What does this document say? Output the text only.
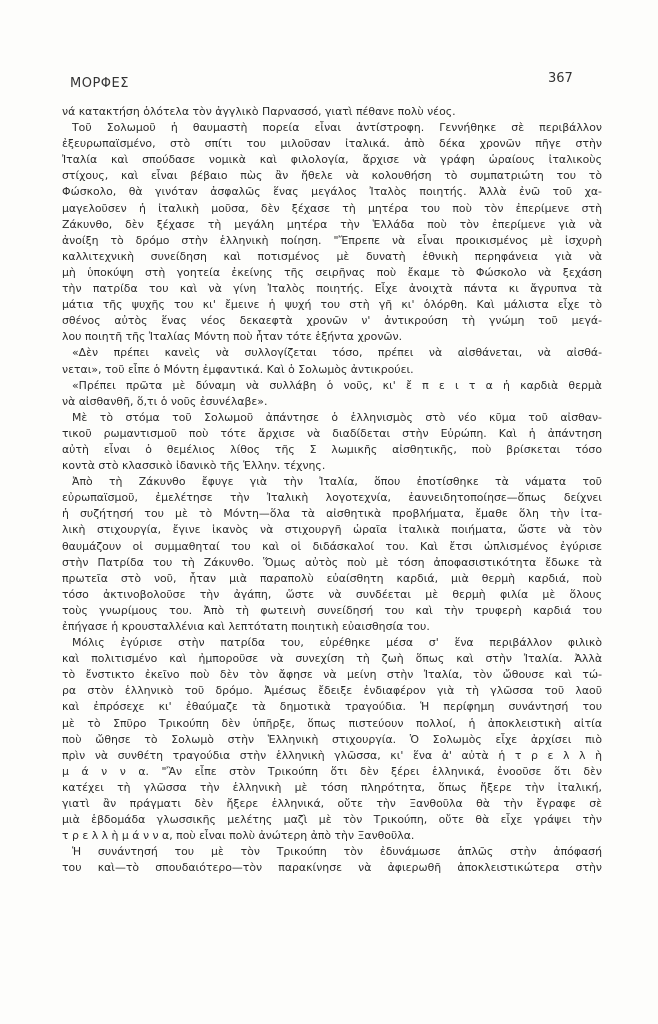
ΜΟΡΦΕΣ	367
νά κατακτήση ὁλότελα τὸν ἀγγλικὸ Παρνασσό, γιατὶ πέθανε πολὺ νέος.
Τοῦ Σολωμοῦ ἡ θαυμαστὴ πορεία εἶναι ἀντίστροφη. Γεννήθηκε σὲ περιβάλλον
ἐξευρωπαϊσμένο, στὸ σπίτι του μιλοῦσαν ἰταλικά. ἀπὸ δέκα χρονῶν πῆγε στὴν
Ἰταλία καὶ σπούδασε νομικὰ καὶ φιλολογία, ἄρχισε νὰ γράφη ὡραίους ἰταλικοὺς
στίχους, καὶ εἶναι βέβαιο πὼς ἂν ἤθελε νὰ κολουθήση τὸ συμπατριώτη του τὸ
Φώσκολο, θὰ γινόταν ἀσφαλῶς ἕνας μεγάλος Ἰταλὸς ποιητής. Ἀλλὰ ἐνῶ τοῦ χα-
μαγελοῦσεν ἡ ἰταλικὴ μοῦσα, δὲν ξέχασε τὴ μητέρα του ποὺ τὸν ἐπερίμενε στὴ
Ζάκυνθο, δὲν ξέχασε τὴ μεγάλη μητέρα τὴν Ἑλλάδα ποὺ τὸν ἐπερίμενε γιὰ νὰ
ἀνοίξη τὸ δρόμο στὴν ἑλληνικὴ ποίηση. "Ἔπρεπε νὰ εἶναι προικισμένος μὲ ἰσχυρὴ
καλλιτεχνικὴ συνείδηση καὶ ποτισμένος μὲ δυνατὴ ἐθνικὴ περηφάνεια γιὰ νὰ
μὴ ὑποκύψη στὴ γοητεία ἐκείνης τῆς σειρῆνας ποὺ ἔκαμε τὸ Φώσκολο νὰ ξεχάση
τὴν πατρίδα του καὶ νὰ γίνη Ἰταλὸς ποιητής. Εἶχε ἀνοιχτὰ πάντα κι ἄγρυπνα τὰ
μάτια τῆς ψυχῆς του κι' ἔμεινε ἡ ψυχή του στὴ γῆ κι' ὁλόρθη. Καὶ μάλιστα εἶχε τὸ
σθένος αὐτὸς ἕνας νέος δεκαεφτὰ χρονῶν ν' ἀντικρούση τὴ γνώμη τοῦ μεγά-
λου ποιητῆ τῆς Ἰταλίας Μόντη ποὺ ἦταν τότε ἑξήντα χρονῶν.
«Δὲν πρέπει κανεὶς νὰ συλλογίζεται τόσο, πρέπει νὰ αἰσθάνεται, νὰ αἰσθά-
νεται», τοῦ εἶπε ὁ Μόντη ἐμφαντικά. Καὶ ὁ Σολωμὸς ἀντικρούει.
«Πρέπει πρῶτα μὲ δύναμη νὰ συλλάβη ὁ νοῦς, κι' ἔ π ε ι τ α ἡ καρδιὰ θερμὰ
νὰ αἰσθανθῆ, ὅ,τι ὁ νοῦς ἐσυνέλαβε».
Μὲ τὸ στόμα τοῦ Σολωμοῦ ἀπάντησε ὁ ἑλληνισμὸς στὸ νέο κῦμα τοῦ αἰσθαν-
τικοῦ ρωμαντισμοῦ ποὺ τότε ἄρχισε νὰ διαδίδεται στὴν Εὐρώπη. Καὶ ἡ ἀπάντηση
αὐτὴ εἶναι ὁ θεμέλιος λίθος τῆς Σ λωμικῆς αἰσθητικῆς, ποὺ βρίσκεται τόσο
κοντὰ στὸ κλασσικὸ ἰδανικὸ τῆς Ἑλλην. τέχνης.
Ἀπὸ τὴ Ζάκυνθο ἔφυγε γιὰ τὴν Ἰταλία, ὅπου ἐποτίσθηκε τὰ νάματα τοῦ
εὐρωπαϊσμοῦ, ἐμελέτησε τὴν Ἰταλικὴ λογοτεχνία, ἐαυνειδητοποίησε—ὅπως δείχνει
ἡ συζήτησή του μὲ τὸ Μόντη—ὅλα τὰ αἰσθητικὰ προβλήματα, ἔμαθε ὅλη τὴν ἰτα-
λικὴ στιχουργία, ἔγινε ἱκανὸς νὰ στιχουργῆ ὡραῖα ἰταλικὰ ποιήματα, ὥστε νὰ τὸν
θαυμάζουν οἱ συμμαθηταί του καὶ οἱ διδάσκαλοί του. Καὶ ἔτσι ὡπλισμένος ἐγύρισε
στὴν Πατρίδα του τὴ Ζάκυνθο. Ὅμως αὐτὸς ποὺ μὲ τόση ἀποφασιστικότητα ἔδωκε τὰ
πρωτεῖα στὸ νοῦ, ἦταν μιὰ παραπολὺ εὐαίσθητη καρδιά, μιὰ θερμὴ καρδιά, ποὺ
τόσο ἀκτινοβολοῦσε τὴν ἀγάπη, ὥστε νὰ συνδέεται μὲ θερμὴ φιλία μὲ ὅλους
τοὺς γνωρίμους του. Ἀπὸ τὴ φωτεινὴ συνείδησή του καὶ τὴν τρυφερὴ καρδιά του
ἐπήγασε ἡ κρουσταλλένια καὶ λεπτότατη ποιητικὴ εὐαισθησία του.
Μόλις ἐγύρισε στὴν πατρίδα του, εὑρέθηκε μέσα σ' ἕνα περιβάλλον φιλικὸ
καὶ πολιτισμένο καὶ ἠμποροῦσε νὰ συνεχίση τὴ ζωὴ ὅπως καὶ στὴν Ἰταλία. Ἀλλὰ
τὸ ἔνστικτο ἐκεῖνο ποὺ δὲν τὸν ἄφησε νὰ μείνη στὴν Ἰταλία, τὸν ὤθουσε καὶ τώ-
ρα στὸν ἑλληνικὸ τοῦ δρόμο. Ἀμέσως ἔδειξε ἐνδιαφέρον γιὰ τὴ γλῶσσα τοῦ λαοῦ
καὶ ἐπρόσεχε κι' ἐθαύμαζε τὰ δημοτικὰ τραγούδια. Ἡ περίφημη συνάντησή του
μὲ τὸ Σπῦρο Τρικούπη δὲν ὑπῆρξε, ὅπως πιστεύουν πολλοί, ἡ ἀποκλειστικὴ αἰτία
ποὺ ὤθησε τὸ Σολωμὸ στὴν Ἑλληνικὴ στιχουργία. Ὁ Σολωμὸς εἶχε ἀρχίσει πιὸ
πρὶν νὰ συνθέτη τραγούδια στὴν ἑλληνικὴ γλῶσσα, κι' ἕνα ἀ' αὐτὰ ἡ τ ρ ε λ λ ὴ
μ ά ν ν α. "Ἂν εἶπε στὸν Τρικούπη ὅτι δὲν ξέρει ἑλληνικά, ἐνοοῦσε ὅτι δὲν
κατέχει τὴ γλῶσσα τὴν ἑλληνικὴ μὲ τόση πληρότητα, ὅπως ἤξερε τὴν ἰταλική,
γιατὶ ἂν πράγματι δὲν ἤξερε ἑλληνικά, οὔτε τὴν Ξανθοῦλα θὰ τὴν ἔγραφε σὲ
μιὰ ἑβδομάδα γλωσσικῆς μελέτης μαζὶ μὲ τὸν Τρικούπη, οὔτε θὰ εἶχε γράψει τὴν
τ ρ ε λ λ ὴ μ ά ν ν α, ποὺ εἶναι πολὺ ἀνώτερη ἀπὸ τὴν Ξανθοῦλα.
Ἡ συνάντησή του μὲ τὸν Τρικούπη τὸν ἐδυνάμωσε ἁπλῶς στὴν ἀπόφασή
του καὶ—τὸ σπουδαιότερο—τὸν παρακίνησε νὰ ἀφιερωθῆ ἀποκλειστικώτερα στὴν
